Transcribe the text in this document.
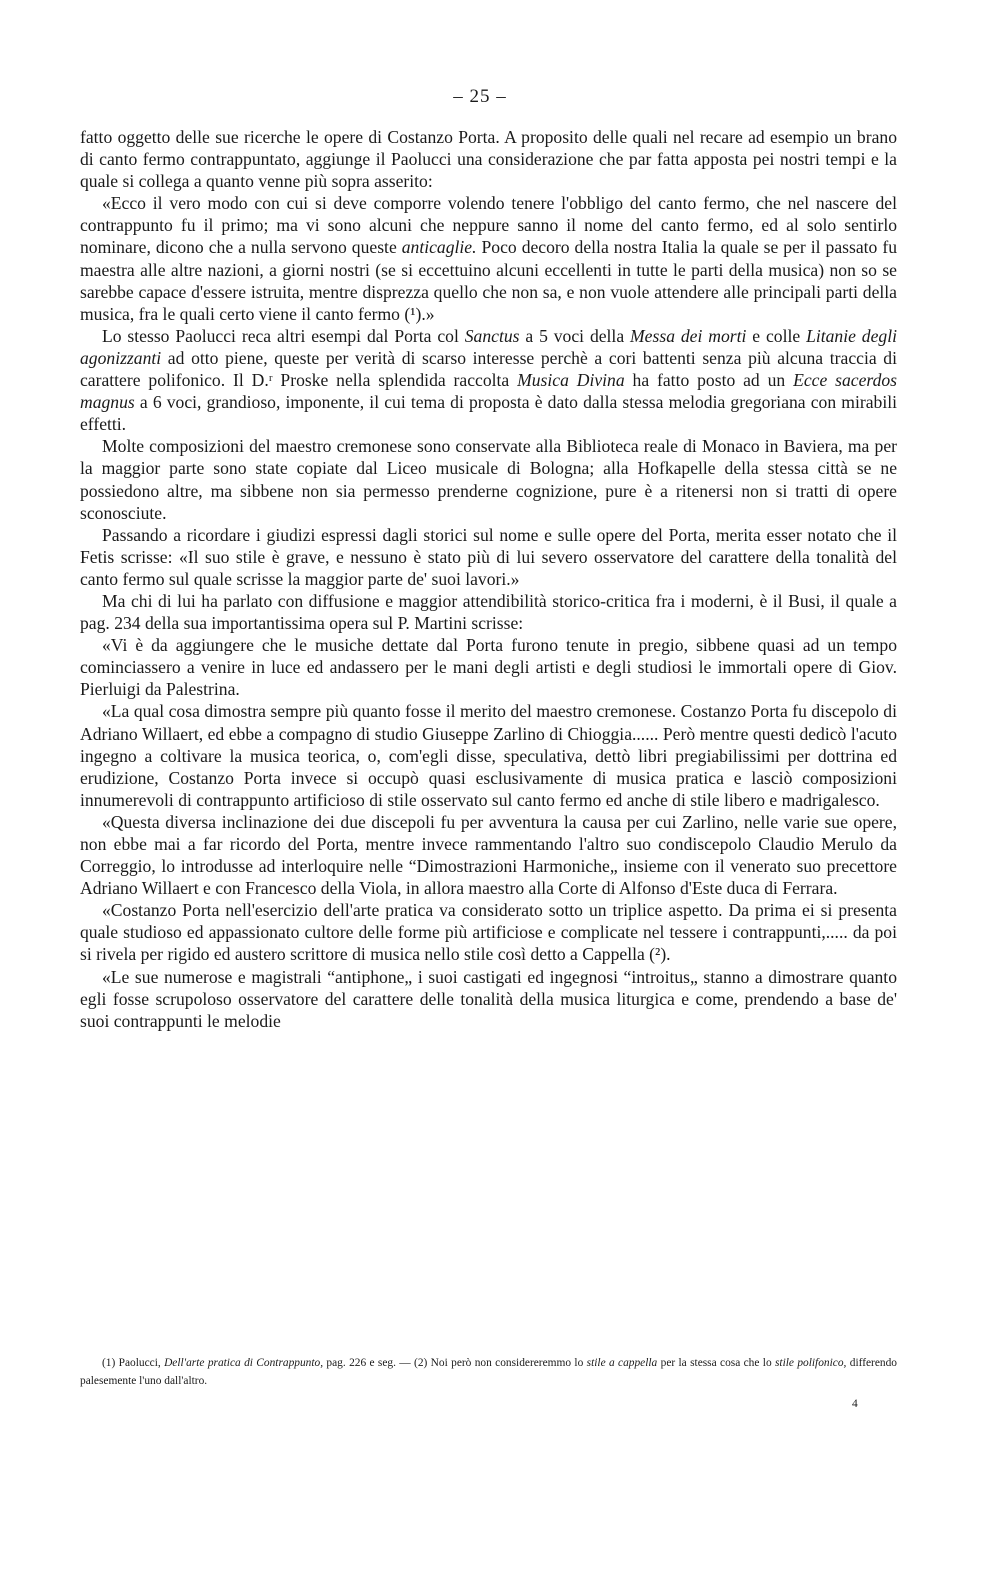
– 25 –

fatto oggetto delle sue ricerche le opere di Costanzo Porta. A proposito delle quali nel recare ad esempio un brano di canto fermo contrappuntato, aggiunge il Paolucci una considerazione che par fatta apposta pei nostri tempi e la quale si collega a quanto venne più sopra asserito:

«Ecco il vero modo con cui si deve comporre volendo tenere l'obbligo del canto fermo, che nel nascere del contrappunto fu il primo; ma vi sono alcuni che neppure sanno il nome del canto fermo, ed al solo sentirlo nominare, dicono che a nulla servono queste anticaglie. Poco decoro della nostra Italia la quale se per il passato fu maestra alle altre nazioni, a giorni nostri (se si eccettuino alcuni eccellenti in tutte le parti della musica) non so se sarebbe capace d'essere istruita, mentre disprezza quello che non sa, e non vuole attendere alle principali parti della musica, fra le quali certo viene il canto fermo (¹).»

Lo stesso Paolucci reca altri esempi dal Porta col Sanctus a 5 voci della Messa dei morti e colle Litanie degli agonizzanti ad otto piene, queste per verità di scarso interesse perchè a cori battenti senza più alcuna traccia di carattere polifonico. Il D.ʳ Proske nella splendida raccolta Musica Divina ha fatto posto ad un Ecce sacerdos magnus a 6 voci, grandioso, imponente, il cui tema di proposta è dato dalla stessa melodia gregoriana con mirabili effetti.

Molte composizioni del maestro cremonese sono conservate alla Biblioteca reale di Monaco in Baviera, ma per la maggior parte sono state copiate dal Liceo musicale di Bologna; alla Hofkapelle della stessa città se ne possiedono altre, ma sibbene non sia permesso prenderne cognizione, pure è a ritenersi non si tratti di opere sconosciute.

Passando a ricordare i giudizi espressi dagli storici sul nome e sulle opere del Porta, merita esser notato che il Fetis scrisse: «Il suo stile è grave, e nessuno è stato più di lui severo osservatore del carattere della tonalità del canto fermo sul quale scrisse la maggior parte de' suoi lavori.»

Ma chi di lui ha parlato con diffusione e maggior attendibilità storico-critica fra i moderni, è il Busi, il quale a pag. 234 della sua importantissima opera sul P. Martini scrisse:

«Vi è da aggiungere che le musiche dettate dal Porta furono tenute in pregio, sibbene quasi ad un tempo cominciassero a venire in luce ed andassero per le mani degli artisti e degli studiosi le immortali opere di Giov. Pierluigi da Palestrina.

«La qual cosa dimostra sempre più quanto fosse il merito del maestro cremonese. Costanzo Porta fu discepolo di Adriano Willaert, ed ebbe a compagno di studio Giuseppe Zarlino di Chioggia...... Però mentre questi dedicò l'acuto ingegno a coltivare la musica teorica, o, com'egli disse, speculativa, dettò libri pregiabilissimi per dottrina ed erudizione, Costanzo Porta invece si occupò quasi esclusivamente di musica pratica e lasciò composizioni innumerevoli di contrappunto artificioso di stile osservato sul canto fermo ed anche di stile libero e madrigalesco.

«Questa diversa inclinazione dei due discepoli fu per avventura la causa per cui Zarlino, nelle varie sue opere, non ebbe mai a far ricordo del Porta, mentre invece rammentando l'altro suo condiscepolo Claudio Merulo da Correggio, lo introdusse ad interloquire nelle “Dimostrazioni Harmoniche„ insieme con il venerato suo precettore Adriano Willaert e con Francesco della Viola, in allora maestro alla Corte di Alfonso d'Este duca di Ferrara.

«Costanzo Porta nell'esercizio dell'arte pratica va considerato sotto un triplice aspetto. Da prima ei si presenta quale studioso ed appassionato cultore delle forme più artificiose e complicate nel tessere i contrappunti,..... da poi si rivela per rigido ed austero scrittore di musica nello stile così detto a Cappella (²).

«Le sue numerose e magistrali “antiphone„ i suoi castigati ed ingegnosi “introitus„ stanno a dimostrare quanto egli fosse scrupoloso osservatore del carattere delle tonalità della musica liturgica e come, prendendo a base de' suoi contrappunti le melodie

(1) Paolucci, Dell'arte pratica di Contrappunto, pag. 226 e seg. — (2) Noi però non considereremmo lo stile a cappella per la stessa cosa che lo stile polifonico, differendo palesemente l'uno dall'altro.

4
